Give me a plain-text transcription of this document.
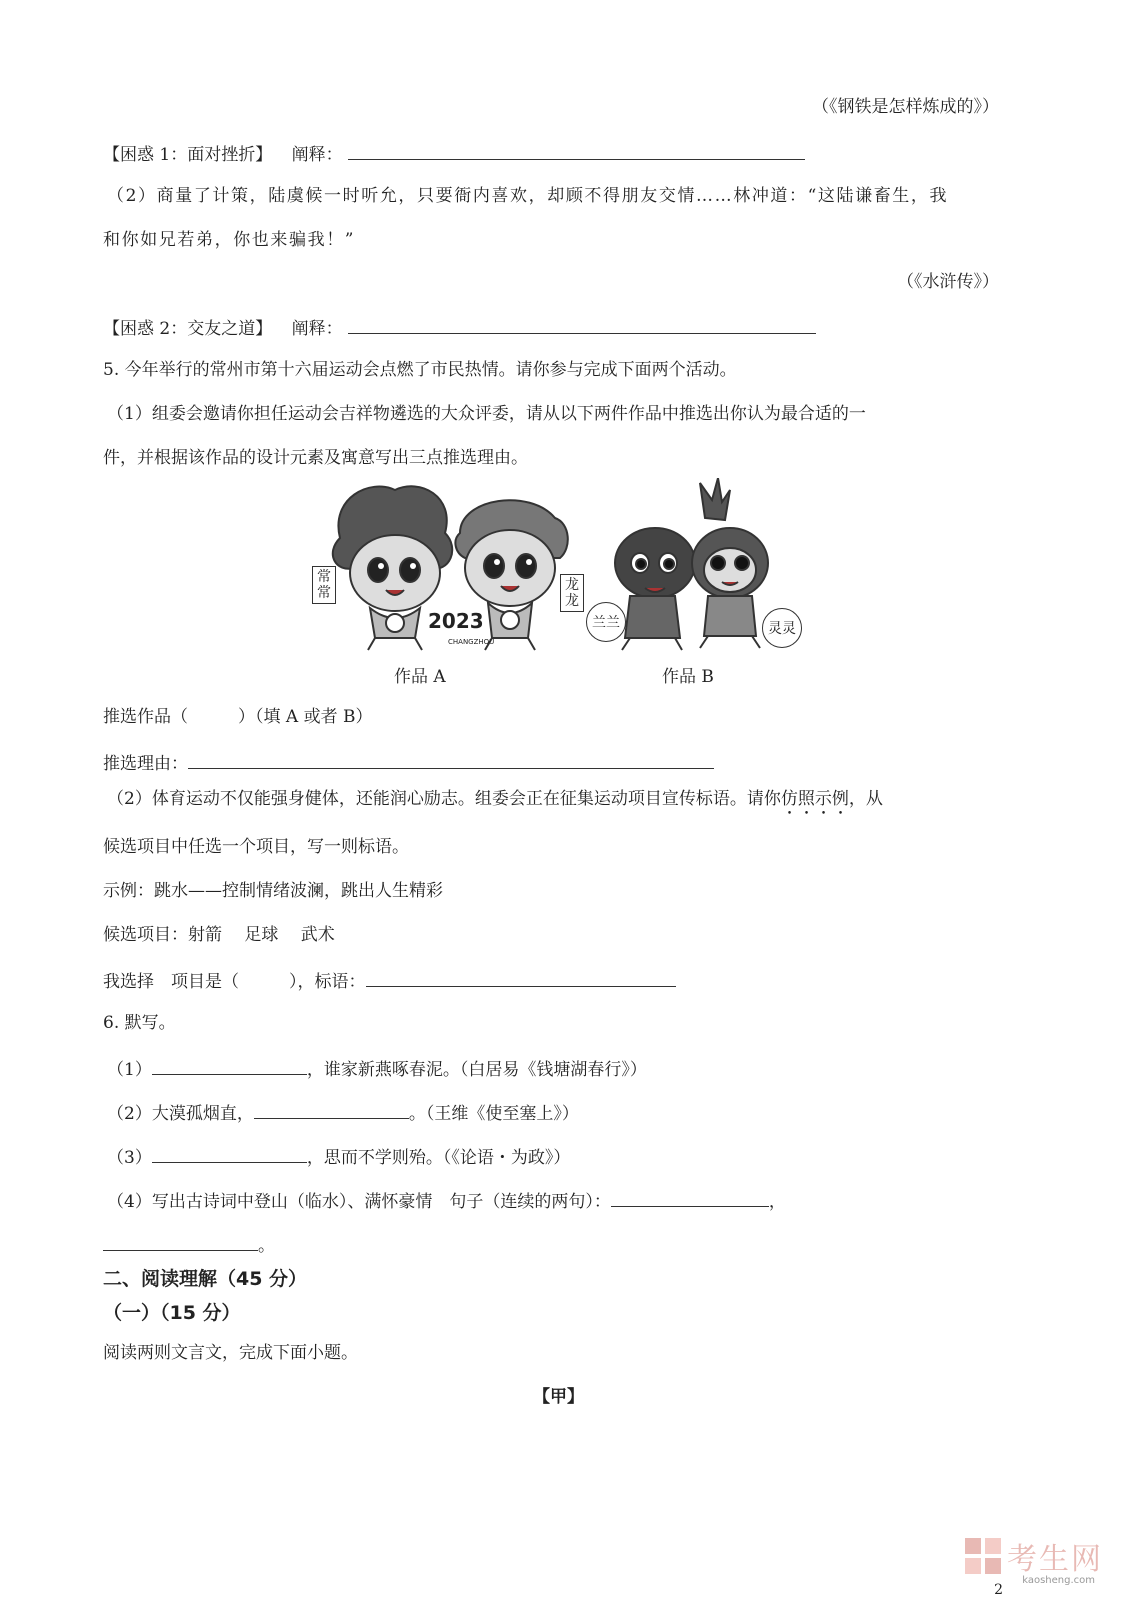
（《钢铁是怎样炼成的》）
【困惑 1：面对挫折】 阐释：
（2）商量了计策，陆虞候一时听允，只要衙内喜欢，却顾不得朋友交情……林冲道：“这陆谦畜生，我
和你如兄若弟，你也来骗我！”
（《水浒传》）
【困惑 2：交友之道】 阐释：
5. 今年举行的常州市第十六届运动会点燃了市民热情。请你参与完成下面两个活动。
（1）组委会邀请你担任运动会吉祥物遴选的大众评委，请从以下两件作品中推选出你认为最合适的一
件，并根据该作品的设计元素及寓意写出三点推选理由。
2023
CHANGZHOU
常常	龙龙
兰兰	灵灵
作品 A	作品 B
推选作品（	）（填 A 或者 B）
推选理由：
（2）体育运动不仅能强身健体，还能润心励志。组委会正在征集运动项目宣传标语。请你仿照示例，从
候选项目中任选一个项目，写一则标语。
示例：跳水——控制情绪波澜，跳出人生精彩
候选项目：射箭　 足球　 武术
我选择　项目是（	），标语：
6. 默写。
（1）	，谁家新燕啄春泥。（白居易《钱塘湖春行》）
（2）大漠孤烟直，	。（王维《使至塞上》）
（3）	，思而不学则殆。（《论语・为政》）
（4）写出古诗词中登山（临水）、满怀豪情　句子（连续的两句）：	，
。
二、阅读理解（45 分）
（一）（15 分）
阅读两则文言文，完成下面小题。
【甲】
考生网
kaosheng.com
2
